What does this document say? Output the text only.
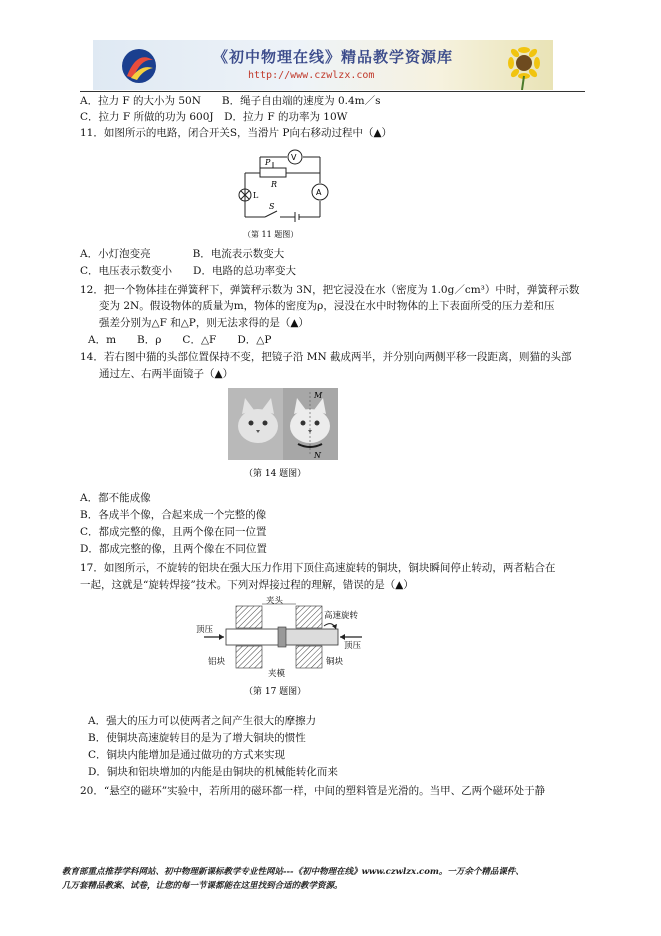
《初中物理在线》精品教学资源库
http://www.czwlzx.com
A．拉力 F 的大小为 50N　　B．绳子自由端的速度为 0.4m／s
C．拉力 F 所做的功为 600J　D．拉力 F 的功率为 10W
11．如图所示的电路，闭合开关S，当滑片 P向右移动过程中（▲）
V
A
P
R
L
S
（第 11 题图）
A．小灯泡变亮　　　　B．电流表示数变大
C．电压表示数变小　　D．电路的总功率变大
12．把一个物体挂在弹簧秤下，弹簧秤示数为 3N，把它浸没在水（密度为 1.0g／cm³）中时，弹簧秤示数
变为 2N。假设物体的质量为m，物体的密度为ρ，浸没在水中时物体的上下表面所受的压力差和压
强差分别为△F 和△P，则无法求得的是（▲）
A．m　　B．ρ　　C．△F　　D．△P
14．若右图中猫的头部位置保持不变，把镜子沿 MN 截成两半，并分别向两侧平移一段距离，则猫的头部
通过左、右两半面镜子（▲）
M
N
（第 14 题图）
A．都不能成像
B．各成半个像，合起来成一个完整的像
C．都成完整的像，且两个像在同一位置
D．都成完整的像，且两个像在不同位置
17．如图所示，不旋转的铝块在强大压力作用下顶住高速旋转的铜块，铜块瞬间停止转动，两者粘合在
一起，这就是“旋转焊接”技术。下列对焊接过程的理解，错误的是（▲）
夹头
高速旋转
顶压
顶压
铝块
夹模
铜块
（第 17 题图）
A．强大的压力可以使两者之间产生很大的摩擦力
B．使铜块高速旋转目的是为了增大铜块的惯性
C．铜块内能增加是通过做功的方式来实现
D．铜块和铝块增加的内能是由铜块的机械能转化而来
20．“悬空的磁环”实验中，若所用的磁环都一样，中间的塑料管是光滑的。当甲、乙两个磁环处于静
教育部重点推荐学科网站、初中物理新课标教学专业性网站---《初中物理在线》www.czwlzx.com。一万余个精品课件、
几万套精品教案、试卷，让您的每一节课都能在这里找到合适的教学资源。
